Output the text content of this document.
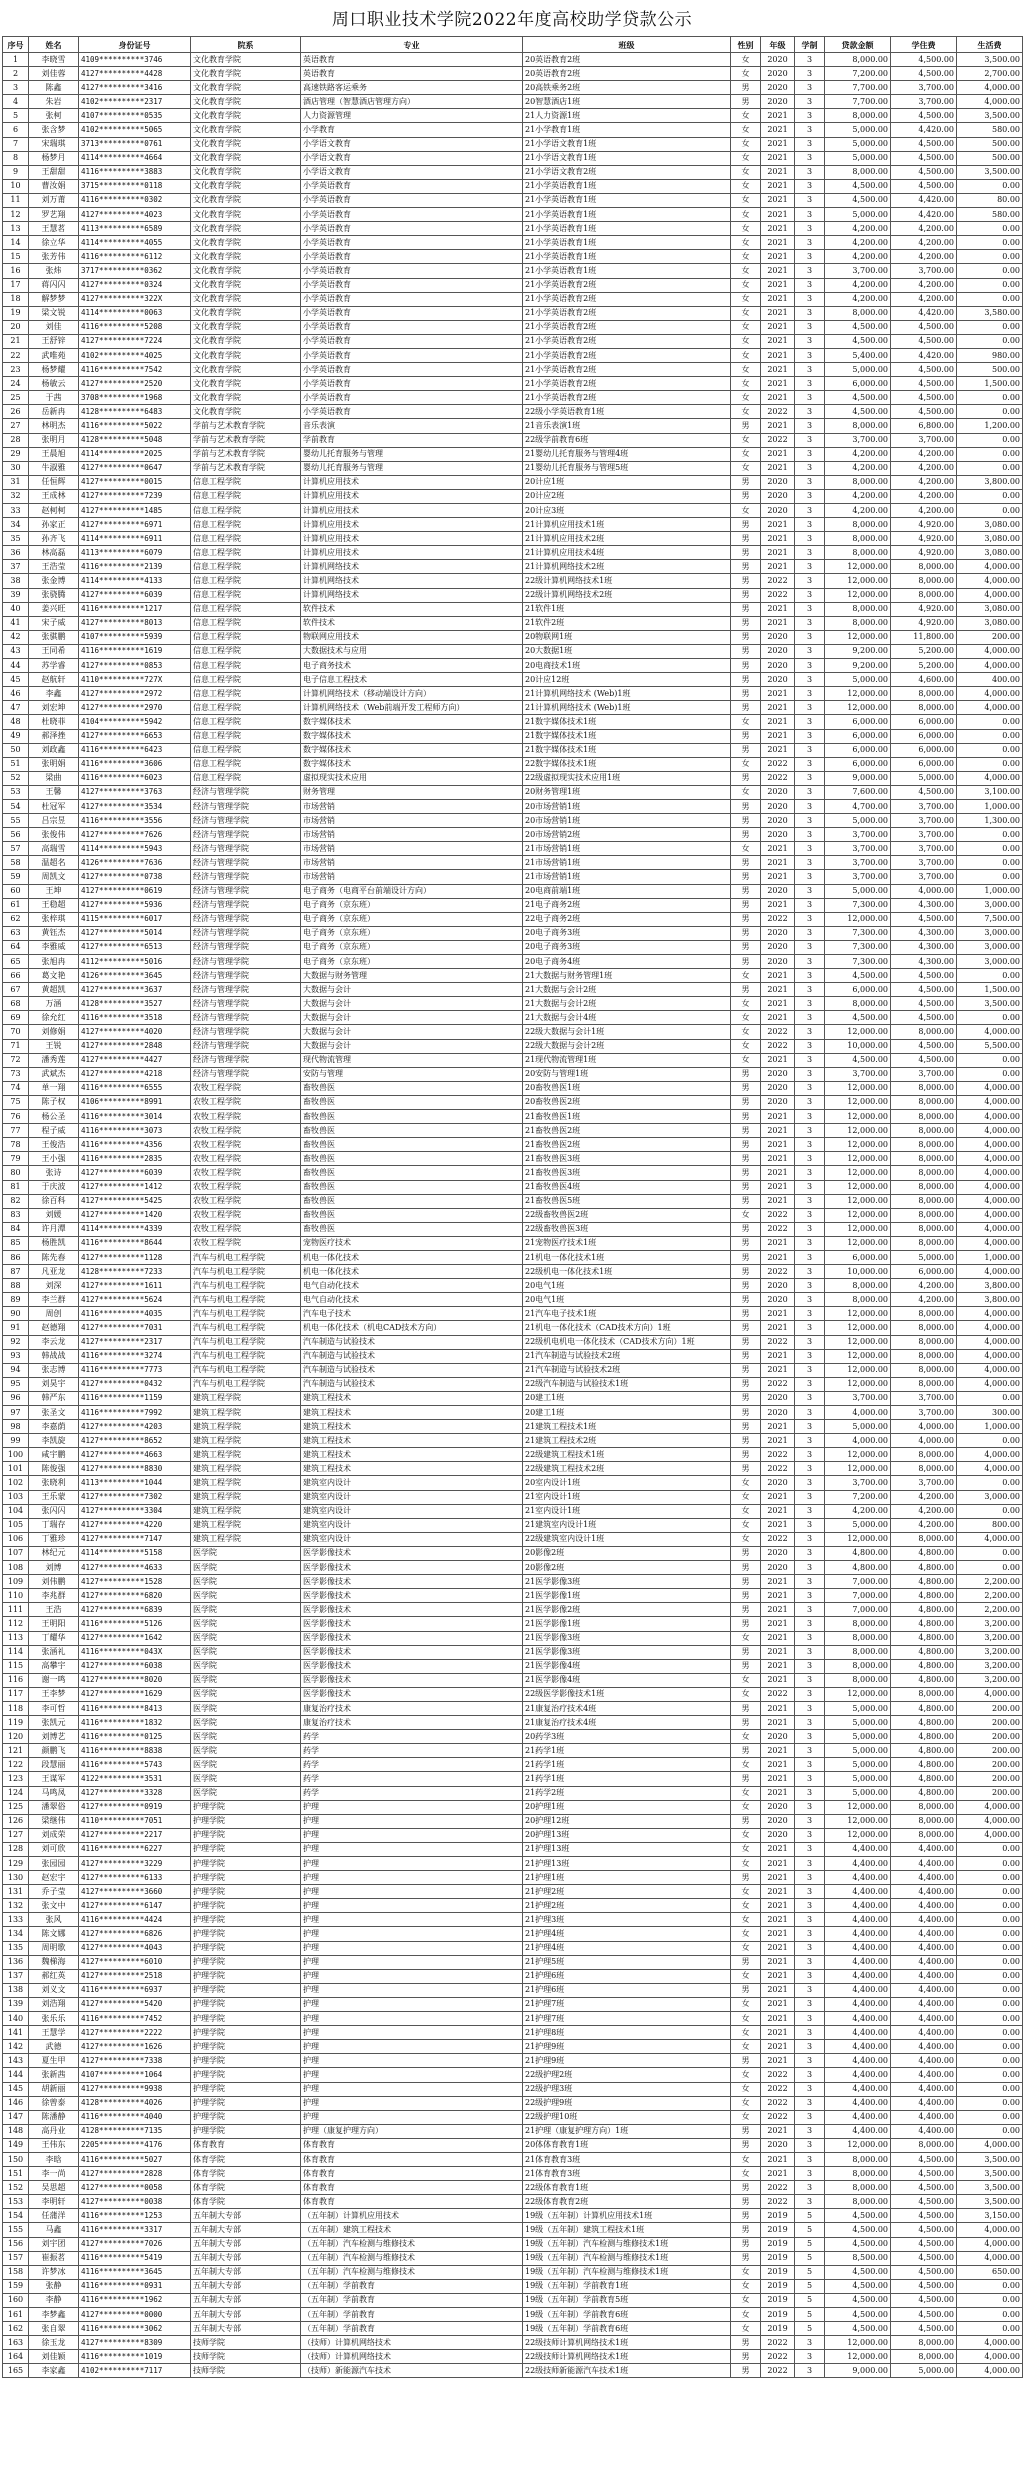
周口职业技术学院2022年度高校助学贷款公示
序号	姓名	身份证号	院系	专业	班级	性别	年级	学制	贷款金额	学住费	生活费
1	李晓雪	4109**********3746	文化教育学院	英语教育	20英语教育2班	女	2020	3	8,000.00	4,500.00	3,500.00
2	刘佳蓉	4127**********4428	文化教育学院	英语教育	20英语教育2班	女	2020	3	7,200.00	4,500.00	2,700.00
3	陈鑫	4127**********3416	文化教育学院	高速铁路客运乘务	20高铁乘务2班	男	2020	3	7,700.00	3,700.00	4,000.00
4	朱岩	4102**********2317	文化教育学院	酒店管理（智慧酒店管理方向）	20智慧酒店1班	男	2020	3	7,700.00	3,700.00	4,000.00
5	张柯	4107**********0535	文化教育学院	人力资源管理	21人力资源1班	女	2021	3	8,000.00	4,500.00	3,500.00
6	张含梦	4102**********5065	文化教育学院	小学教育	21小学教育1班	女	2021	3	5,000.00	4,420.00	580.00
7	宋瑞琪	3713**********0761	文化教育学院	小学语文教育	21小学语文教育1班	女	2021	3	5,000.00	4,500.00	500.00
8	杨梦月	4114**********4664	文化教育学院	小学语文教育	21小学语文教育1班	女	2021	3	5,000.00	4,500.00	500.00
9	王甜甜	4116**********3883	文化教育学院	小学语文教育	21小学语文教育2班	女	2021	3	8,000.00	4,500.00	3,500.00
10	曹汝娟	3715**********0118	文化教育学院	小学英语教育	21小学英语教育1班	女	2021	3	4,500.00	4,500.00	0.00
11	刘万莆	4116**********0302	文化教育学院	小学英语教育	21小学英语教育1班	女	2021	3	4,500.00	4,420.00	80.00
12	罗艺翔	4127**********4023	文化教育学院	小学英语教育	21小学英语教育1班	女	2021	3	5,000.00	4,420.00	580.00
13	王慧茗	4113**********6589	文化教育学院	小学英语教育	21小学英语教育1班	女	2021	3	4,200.00	4,200.00	0.00
14	徐立华	4114**********4055	文化教育学院	小学英语教育	21小学英语教育1班	女	2021	3	4,200.00	4,200.00	0.00
15	张芳伟	4116**********6112	文化教育学院	小学英语教育	21小学英语教育1班	女	2021	3	4,200.00	4,200.00	0.00
16	张炜	3717**********0362	文化教育学院	小学英语教育	21小学英语教育1班	女	2021	3	3,700.00	3,700.00	0.00
17	蒋闪闪	4127**********0324	文化教育学院	小学英语教育	21小学英语教育2班	女	2021	3	4,200.00	4,200.00	0.00
18	解梦梦	4127**********322X	文化教育学院	小学英语教育	21小学英语教育2班	女	2021	3	4,200.00	4,200.00	0.00
19	梁文锐	4114**********0063	文化教育学院	小学英语教育	21小学英语教育2班	女	2021	3	8,000.00	4,420.00	3,580.00
20	刘佳	4116**********5208	文化教育学院	小学英语教育	21小学英语教育2班	女	2021	3	4,500.00	4,500.00	0.00
21	王舒锌	4127**********7224	文化教育学院	小学英语教育	21小学英语教育2班	女	2021	3	4,500.00	4,500.00	0.00
22	武唯苑	4102**********4025	文化教育学院	小学英语教育	21小学英语教育2班	女	2021	3	5,400.00	4,420.00	980.00
23	杨梦耀	4116**********7542	文化教育学院	小学英语教育	21小学英语教育2班	女	2021	3	5,000.00	4,500.00	500.00
24	杨敏云	4127**********2520	文化教育学院	小学英语教育	21小学英语教育2班	女	2021	3	6,000.00	4,500.00	1,500.00
25	于茜	3708**********1968	文化教育学院	小学英语教育	21小学英语教育2班	女	2021	3	4,500.00	4,500.00	0.00
26	岳新冉	4128**********6483	文化教育学院	小学英语教育	22级小学英语教育1班	女	2022	3	4,500.00	4,500.00	0.00
27	林明杰	4116**********5022	学前与艺术教育学院	音乐表演	21音乐表演1班	男	2021	3	8,000.00	6,800.00	1,200.00
28	张明月	4128**********5048	学前与艺术教育学院	学前教育	22级学前教育6班	女	2022	3	3,700.00	3,700.00	0.00
29	王晨旭	4114**********2025	学前与艺术教育学院	婴幼儿托育服务与管理	21婴幼儿托育服务与管理4班	女	2021	3	4,200.00	4,200.00	0.00
30	牛淑雅	4127**********0647	学前与艺术教育学院	婴幼儿托育服务与管理	21婴幼儿托育服务与管理5班	女	2021	3	4,200.00	4,200.00	0.00
31	任恒辉	4127**********0015	信息工程学院	计算机应用技术	20计应1班	男	2020	3	8,000.00	4,200.00	3,800.00
32	王成林	4127**********7239	信息工程学院	计算机应用技术	20计应2班	男	2020	3	4,200.00	4,200.00	0.00
33	赵柯柯	4127**********1485	信息工程学院	计算机应用技术	20计应3班	女	2020	3	4,200.00	4,200.00	0.00
34	孙家正	4127**********6971	信息工程学院	计算机应用技术	21计算机应用技术1班	男	2021	3	8,000.00	4,920.00	3,080.00
35	孙齐飞	4114**********6911	信息工程学院	计算机应用技术	21计算机应用技术2班	男	2021	3	8,000.00	4,920.00	3,080.00
36	林高磊	4113**********6079	信息工程学院	计算机应用技术	21计算机应用技术4班	男	2021	3	8,000.00	4,920.00	3,080.00
37	王浩莹	4116**********2139	信息工程学院	计算机网络技术	21计算机网络技术2班	男	2021	3	12,000.00	8,000.00	4,000.00
38	张金博	4114**********4133	信息工程学院	计算机网络技术	22级计算机网络技术1班	男	2022	3	12,000.00	8,000.00	4,000.00
39	张骁腾	4127**********6039	信息工程学院	计算机网络技术	22级计算机网络技术2班	男	2022	3	12,000.00	8,000.00	4,000.00
40	姜兴旺	4116**********1217	信息工程学院	软件技术	21软件1班	男	2021	3	8,000.00	4,920.00	3,080.00
41	宋子威	4127**********8013	信息工程学院	软件技术	21软件2班	男	2021	3	8,000.00	4,920.00	3,080.00
42	张骐鹏	4107**********5939	信息工程学院	物联网应用技术	20物联网1班	男	2020	3	12,000.00	11,800.00	200.00
43	王同希	4116**********1619	信息工程学院	大数据技术与应用	20大数据1班	男	2020	3	9,200.00	5,200.00	4,000.00
44	苏学睿	4127**********0853	信息工程学院	电子商务技术	20电商技术1班	男	2020	3	9,200.00	5,200.00	4,000.00
45	赵航轩	4110**********727X	信息工程学院	电子信息工程技术	20计应12班	男	2020	3	5,000.00	4,600.00	400.00
46	李鑫	4127**********2972	信息工程学院	计算机网络技术（移动端设计方向）	21计算机网络技术 (Web)1班	男	2021	3	12,000.00	8,000.00	4,000.00
47	刘宏坤	4127**********2970	信息工程学院	计算机网络技术（Web前端开发工程师方向）	21计算机网络技术 (Web)1班	男	2021	3	12,000.00	8,000.00	4,000.00
48	杜晓菲	4104**********5942	信息工程学院	数字媒体技术	21数字媒体技术1班	女	2021	3	6,000.00	6,000.00	0.00
49	郝泽挫	4127**********6653	信息工程学院	数字媒体技术	21数字媒体技术1班	男	2021	3	6,000.00	6,000.00	0.00
50	刘政鑫	4116**********6423	信息工程学院	数字媒体技术	21数字媒体技术1班	男	2021	3	6,000.00	6,000.00	0.00
51	张明娟	4116**********3606	信息工程学院	数字媒体技术	22数字媒体技术1班	女	2022	3	6,000.00	6,000.00	0.00
52	梁曲	4116**********6023	信息工程学院	虚拟现实技术应用	22级虚拟现实技术应用1班	男	2022	3	9,000.00	5,000.00	4,000.00
53	王馨	4127**********3763	经济与管理学院	财务管理	20财务管理1班	女	2020	3	7,600.00	4,500.00	3,100.00
54	杜冠军	4127**********3534	经济与管理学院	市场营销	20市场营销1班	男	2020	3	4,700.00	3,700.00	1,000.00
55	吕宗昱	4116**********3556	经济与管理学院	市场营销	20市场营销1班	男	2020	3	5,000.00	3,700.00	1,300.00
56	张俊伟	4127**********7626	经济与管理学院	市场营销	20市场营销2班	男	2020	3	3,700.00	3,700.00	0.00
57	高瑞雪	4114**********5943	经济与管理学院	市场营销	21市场营销1班	女	2021	3	3,700.00	3,700.00	0.00
58	温超名	4126**********7636	经济与管理学院	市场营销	21市场营销1班	男	2021	3	3,700.00	3,700.00	0.00
59	周凯文	4127**********0738	经济与管理学院	市场营销	21市场营销1班	男	2021	3	3,700.00	3,700.00	0.00
60	王坤	4127**********0619	经济与管理学院	电子商务（电商平台前端设计方向）	20电商前端1班	男	2020	3	5,000.00	4,000.00	1,000.00
61	王稳超	4127**********5936	经济与管理学院	电子商务（京东班）	21电子商务2班	男	2021	3	7,300.00	4,300.00	3,000.00
62	张梓琪	4115**********6017	经济与管理学院	电子商务（京东班）	22电子商务2班	男	2022	3	12,000.00	4,500.00	7,500.00
63	黄钰杰	4127**********5014	经济与管理学院	电子商务（京东班）	20电子商务3班	男	2020	3	7,300.00	4,300.00	3,000.00
64	李雅威	4127**********6513	经济与管理学院	电子商务（京东班）	20电子商务3班	男	2020	3	7,300.00	4,300.00	3,000.00
65	张旭冉	4112**********5016	经济与管理学院	电子商务（京东班）	20电子商务4班	男	2020	3	7,300.00	4,300.00	3,000.00
66	葛文艳	4126**********3645	经济与管理学院	大数据与财务管理	21大数据与财务管理1班	女	2021	3	4,500.00	4,500.00	0.00
67	黄超凯	4127**********3637	经济与管理学院	大数据与会计	21大数据与会计2班	男	2021	3	6,000.00	4,500.00	1,500.00
68	万涵	4128**********3527	经济与管理学院	大数据与会计	21大数据与会计2班	女	2021	3	8,000.00	4,500.00	3,500.00
69	徐允红	4116**********3518	经济与管理学院	大数据与会计	21大数据与会计4班	女	2021	3	4,500.00	4,500.00	0.00
70	刘修娟	4127**********4020	经济与管理学院	大数据与会计	22级大数据与会计1班	女	2022	3	12,000.00	8,000.00	4,000.00
71	王锐	4127**********2848	经济与管理学院	大数据与会计	22级大数据与会计2班	女	2022	3	10,000.00	4,500.00	5,500.00
72	潘秀莲	4127**********4427	经济与管理学院	现代物流管理	21现代物流管理1班	女	2021	3	4,500.00	4,500.00	0.00
73	武斌杰	4127**********4218	经济与管理学院	安防与管理	20安防与管理1班	男	2020	3	3,700.00	3,700.00	0.00
74	单一翔	4116**********6555	农牧工程学院	畜牧兽医	20畜牧兽医1班	男	2020	3	12,000.00	8,000.00	4,000.00
75	陈子权	4106**********8991	农牧工程学院	畜牧兽医	20畜牧兽医2班	男	2020	3	12,000.00	8,000.00	4,000.00
76	杨公圣	4116**********3014	农牧工程学院	畜牧兽医	21畜牧兽医1班	男	2021	3	12,000.00	8,000.00	4,000.00
77	程子威	4116**********3073	农牧工程学院	畜牧兽医	21畜牧兽医2班	男	2021	3	12,000.00	8,000.00	4,000.00
78	王俊浩	4116**********4356	农牧工程学院	畜牧兽医	21畜牧兽医2班	男	2021	3	12,000.00	8,000.00	4,000.00
79	王小强	4116**********2835	农牧工程学院	畜牧兽医	21畜牧兽医3班	男	2021	3	12,000.00	8,000.00	4,000.00
80	张诗	4127**********6039	农牧工程学院	畜牧兽医	21畜牧兽医3班	男	2021	3	12,000.00	8,000.00	4,000.00
81	于庆波	4127**********1412	农牧工程学院	畜牧兽医	21畜牧兽医4班	男	2021	3	12,000.00	8,000.00	4,000.00
82	徐百科	4127**********5425	农牧工程学院	畜牧兽医	21畜牧兽医5班	男	2021	3	12,000.00	8,000.00	4,000.00
83	刘媛	4127**********1420	农牧工程学院	畜牧兽医	22级畜牧兽医2班	女	2022	3	12,000.00	8,000.00	4,000.00
84	许月潭	4114**********4339	农牧工程学院	畜牧兽医	22级畜牧兽医3班	男	2022	3	12,000.00	8,000.00	4,000.00
85	杨胜凯	4116**********8644	农牧工程学院	宠物医疗技术	21宠物医疗技术1班	男	2021	3	12,000.00	8,000.00	4,000.00
86	陈先春	4127**********1128	汽车与机电工程学院	机电一体化技术	21机电一体化技术1班	男	2021	3	6,000.00	5,000.00	1,000.00
87	凡亚龙	4128**********7233	汽车与机电工程学院	机电一体化技术	22级机电一体化技术1班	男	2022	3	10,000.00	6,000.00	4,000.00
88	刘深	4127**********1611	汽车与机电工程学院	电气自动化技术	20电气1班	男	2020	3	8,000.00	4,200.00	3,800.00
89	李兰群	4127**********5624	汽车与机电工程学院	电气自动化技术	20电气1班	男	2020	3	8,000.00	4,200.00	3,800.00
90	周创	4116**********4035	汽车与机电工程学院	汽车电子技术	21汽车电子技术1班	男	2021	3	12,000.00	8,000.00	4,000.00
91	赵德翔	4127**********7031	汽车与机电工程学院	机电一体化技术（机电CAD技术方向）	21机电一体化技术（CAD技术方向）1班	男	2021	3	12,000.00	8,000.00	4,000.00
92	李云龙	4127**********2317	汽车与机电工程学院	汽车制造与试验技术	22级机电机电一体化技术（CAD技术方向）1班	男	2022	3	12,000.00	8,000.00	4,000.00
93	韩战战	4116**********3274	汽车与机电工程学院	汽车制造与试验技术	21汽车制造与试验技术2班	男	2021	3	12,000.00	8,000.00	4,000.00
94	张志博	4116**********7773	汽车与机电工程学院	汽车制造与试验技术	21汽车制造与试验技术2班	男	2021	3	12,000.00	8,000.00	4,000.00
95	刘昊宇	4127**********0432	汽车与机电工程学院	汽车制造与试验技术	22级汽车制造与试验技术1班	男	2022	3	12,000.00	8,000.00	4,000.00
96	韩严东	4116**********1159	建筑工程学院	建筑工程技术	20建工1班	男	2020	3	3,700.00	3,700.00	0.00
97	张圣文	4116**********7992	建筑工程学院	建筑工程技术	20建工1班	男	2020	3	4,000.00	3,700.00	300.00
98	李嘉荫	4127**********4203	建筑工程学院	建筑工程技术	21建筑工程技术1班	男	2021	3	5,000.00	4,000.00	1,000.00
99	李凯旋	4127**********8652	建筑工程学院	建筑工程技术	21建筑工程技术2班	男	2021	3	4,000.00	4,000.00	0.00
100	咸宇鹏	4127**********4663	建筑工程学院	建筑工程技术	22级建筑工程技术1班	男	2022	3	12,000.00	8,000.00	4,000.00
101	陈俊强	4127**********8830	建筑工程学院	建筑工程技术	22级建筑工程技术2班	男	2022	3	12,000.00	8,000.00	4,000.00
102	张晓利	4113**********1044	建筑工程学院	建筑室内设计	20室内设计1班	女	2020	3	3,700.00	3,700.00	0.00
103	王乐蒙	4127**********7302	建筑工程学院	建筑室内设计	21室内设计1班	女	2021	3	7,200.00	4,200.00	3,000.00
104	张闪闪	4127**********3304	建筑工程学院	建筑室内设计	21室内设计1班	女	2021	3	4,200.00	4,200.00	0.00
105	丁瑞存	4127**********4220	建筑工程学院	建筑室内设计	21建筑室内设计1班	女	2021	3	5,000.00	4,200.00	800.00
106	丁雅珍	4127**********7147	建筑工程学院	建筑室内设计	22级建筑室内设计1班	女	2022	3	12,000.00	8,000.00	4,000.00
107	林纪元	4114**********5158	医学院	医学影像技术	20影像2班	男	2020	3	4,800.00	4,800.00	0.00
108	刘博	4127**********4633	医学院	医学影像技术	20影像2班	男	2020	3	4,800.00	4,800.00	0.00
109	刘伟鹏	4127**********1528	医学院	医学影像技术	21医学影像3班	男	2021	3	7,000.00	4,800.00	2,200.00
110	李兆群	4127**********6820	医学院	医学影像技术	21医学影像1班	男	2021	3	7,000.00	4,800.00	2,200.00
111	王浩	4127**********6839	医学院	医学影像技术	21医学影像2班	男	2021	3	7,000.00	4,800.00	2,200.00
112	王明阳	4116**********5126	医学院	医学影像技术	21医学影像1班	男	2021	3	8,000.00	4,800.00	3,200.00
113	丁耀华	4127**********1642	医学院	医学影像技术	21医学影像3班	女	2021	3	8,000.00	4,800.00	3,200.00
114	张涵礼	4116**********043X	医学院	医学影像技术	21医学影像3班	男	2021	3	8,000.00	4,800.00	3,200.00
115	高攀宇	4127**********6038	医学院	医学影像技术	21医学影像4班	男	2021	3	8,000.00	4,800.00	3,200.00
116	谢一鸣	4127**********8020	医学院	医学影像技术	21医学影像4班	女	2021	3	8,000.00	4,800.00	3,200.00
117	王李梦	4127**********1629	医学院	医学影像技术	22级医学影像技术1班	女	2022	3	12,000.00	8,000.00	4,000.00
118	李可哲	4116**********8413	医学院	康复治疗技术	21康复治疗技术4班	男	2021	3	5,000.00	4,800.00	200.00
119	张凯元	4116**********1832	医学院	康复治疗技术	21康复治疗技术4班	男	2021	3	5,000.00	4,800.00	200.00
120	刘博艺	4116**********0125	医学院	药学	20药学3班	女	2020	3	5,000.00	4,800.00	200.00
121	颜鹏飞	4116**********8838	医学院	药学	21药学1班	男	2021	3	5,000.00	4,800.00	200.00
122	段慧丽	4116**********5743	医学院	药学	21药学1班	女	2021	3	5,000.00	4,800.00	200.00
123	王谋军	4122**********3531	医学院	药学	21药学1班	男	2021	3	5,000.00	4,800.00	200.00
124	马鸣凤	4127**********3328	医学院	药学	21药学2班	女	2021	3	5,000.00	4,800.00	200.00
125	潘翠俗	4127**********0919	护理学院	护理	20护理1班	女	2020	3	12,000.00	8,000.00	4,000.00
126	梁继伟	4110**********7051	护理学院	护理	20护理12班	男	2020	3	12,000.00	8,000.00	4,000.00
127	刘成荣	4127**********2217	护理学院	护理	20护理13班	女	2020	3	12,000.00	8,000.00	4,000.00
128	刘可欣	4116**********6227	护理学院	护理	21护理13班	女	2021	3	4,400.00	4,400.00	0.00
129	张园园	4127**********3229	护理学院	护理	21护理13班	女	2021	3	4,400.00	4,400.00	0.00
130	赵宏宇	4127**********6133	护理学院	护理	21护理1班	男	2021	3	4,400.00	4,400.00	0.00
131	乔子莹	4127**********3660	护理学院	护理	21护理2班	女	2021	3	4,400.00	4,400.00	0.00
132	张文中	4127**********6147	护理学院	护理	21护理2班	女	2021	3	4,400.00	4,400.00	0.00
133	张风	4116**********4424	护理学院	护理	21护理3班	女	2021	3	4,400.00	4,400.00	0.00
134	陈文娜	4127**********6826	护理学院	护理	21护理4班	女	2021	3	4,400.00	4,400.00	0.00
135	周明歌	4127**********4043	护理学院	护理	21护理4班	女	2021	3	4,400.00	4,400.00	0.00
136	魏梯海	4127**********6010	护理学院	护理	21护理5班	男	2021	3	4,400.00	4,400.00	0.00
137	郝红英	4127**********2518	护理学院	护理	21护理6班	女	2021	3	4,400.00	4,400.00	0.00
138	刘义文	4116**********6937	护理学院	护理	21护理6班	男	2021	3	4,400.00	4,400.00	0.00
139	刘浩翔	4127**********5420	护理学院	护理	21护理7班	女	2021	3	4,400.00	4,400.00	0.00
140	张乐乐	4116**********7452	护理学院	护理	21护理7班	女	2021	3	4,400.00	4,400.00	0.00
141	王慧学	4127**********2222	护理学院	护理	21护理8班	女	2021	3	4,400.00	4,400.00	0.00
142	武德	4127**********1626	护理学院	护理	21护理9班	女	2021	3	4,400.00	4,400.00	0.00
143	夏生甲	4127**********7338	护理学院	护理	21护理9班	男	2021	3	4,400.00	4,400.00	0.00
144	张新茜	4107**********1064	护理学院	护理	22级护理2班	女	2022	3	4,400.00	4,400.00	0.00
145	胡新丽	4127**********9938	护理学院	护理	22级护理3班	女	2022	3	4,400.00	4,400.00	0.00
146	徐曾泰	4128**********4026	护理学院	护理	22级护理9班	女	2022	3	4,400.00	4,400.00	0.00
147	陈潘静	4116**********4040	护理学院	护理	22级护理10班	女	2022	3	4,400.00	4,400.00	0.00
148	高丹业	4128**********7135	护理学院	护理（康复护理方向）	21护理（康复护理方向）1班	男	2021	3	4,400.00	4,400.00	0.00
149	王伟东	2205**********4176	体育教育	体育教育	20体体育教育1班	男	2020	3	12,000.00	8,000.00	4,000.00
150	李晗	4116**********5027	体育学院	体育教育	21体育教育3班	女	2021	3	8,000.00	4,500.00	3,500.00
151	李一尚	4127**********2828	体育学院	体育教育	21体育教育3班	女	2021	3	8,000.00	4,500.00	3,500.00
152	吴思超	4127**********0058	体育学院	体育教育	22级体育教育1班	男	2022	3	8,000.00	4,500.00	3,500.00
153	李明轩	4127**********0038	体育学院	体育教育	22级体育教育2班	男	2022	3	8,000.00	4,500.00	3,500.00
154	任蒲洋	4116**********1253	五年制大专部	（五年制）计算机应用技术	19级（五年制）计算机应用技术1班	男	2019	5	4,500.00	4,500.00	3,150.00
155	马鑫	4116**********3317	五年制大专部	（五年制）建筑工程技术	19级（五年制）建筑工程技术1班	男	2019	5	4,500.00	4,500.00	4,000.00
156	刘宇团	4127**********7026	五年制大专部	（五年制）汽车检测与维修技术	19级（五年制）汽车检测与维修技术1班	男	2019	5	4,500.00	4,500.00	4,000.00
157	崔振茗	4116**********5419	五年制大专部	（五年制）汽车检测与维修技术	19级（五年制）汽车检测与维修技术1班	男	2019	5	8,500.00	4,500.00	4,000.00
158	许梦冰	4116**********3645	五年制大专部	（五年制）汽车检测与维修技术	19级（五年制）汽车检测与维修技术1班	女	2019	5	4,500.00	4,500.00	650.00
159	张静	4116**********0931	五年制大专部	（五年制）学前教育	19级（五年制）学前教育1班	女	2019	5	4,500.00	4,500.00	0.00
160	李静	4116**********1962	五年制大专部	（五年制）学前教育	19级（五年制）学前教育5班	女	2019	5	4,500.00	4,500.00	0.00
161	李梦鑫	4127**********0000	五年制大专部	（五年制）学前教育	19级（五年制）学前教育6班	女	2019	5	4,500.00	4,500.00	0.00
162	张自翠	4116**********3062	五年制大专部	（五年制）学前教育	19级（五年制）学前教育6班	女	2019	5	4,500.00	4,500.00	0.00
163	徐玉龙	4127**********8309	技师学院	（技师）计算机网络技术	22级技师计算机网络技术1班	男	2022	3	12,000.00	8,000.00	4,000.00
164	刘佳颖	4116**********1019	技师学院	（技师）计算机网络技术	22级技师计算机网络技术1班	男	2022	3	12,000.00	8,000.00	4,000.00
165	李家鑫	4102**********7117	技师学院	（技师）新能源汽车技术	22级技师新能源汽车技术1班	男	2022	3	9,000.00	5,000.00	4,000.00
